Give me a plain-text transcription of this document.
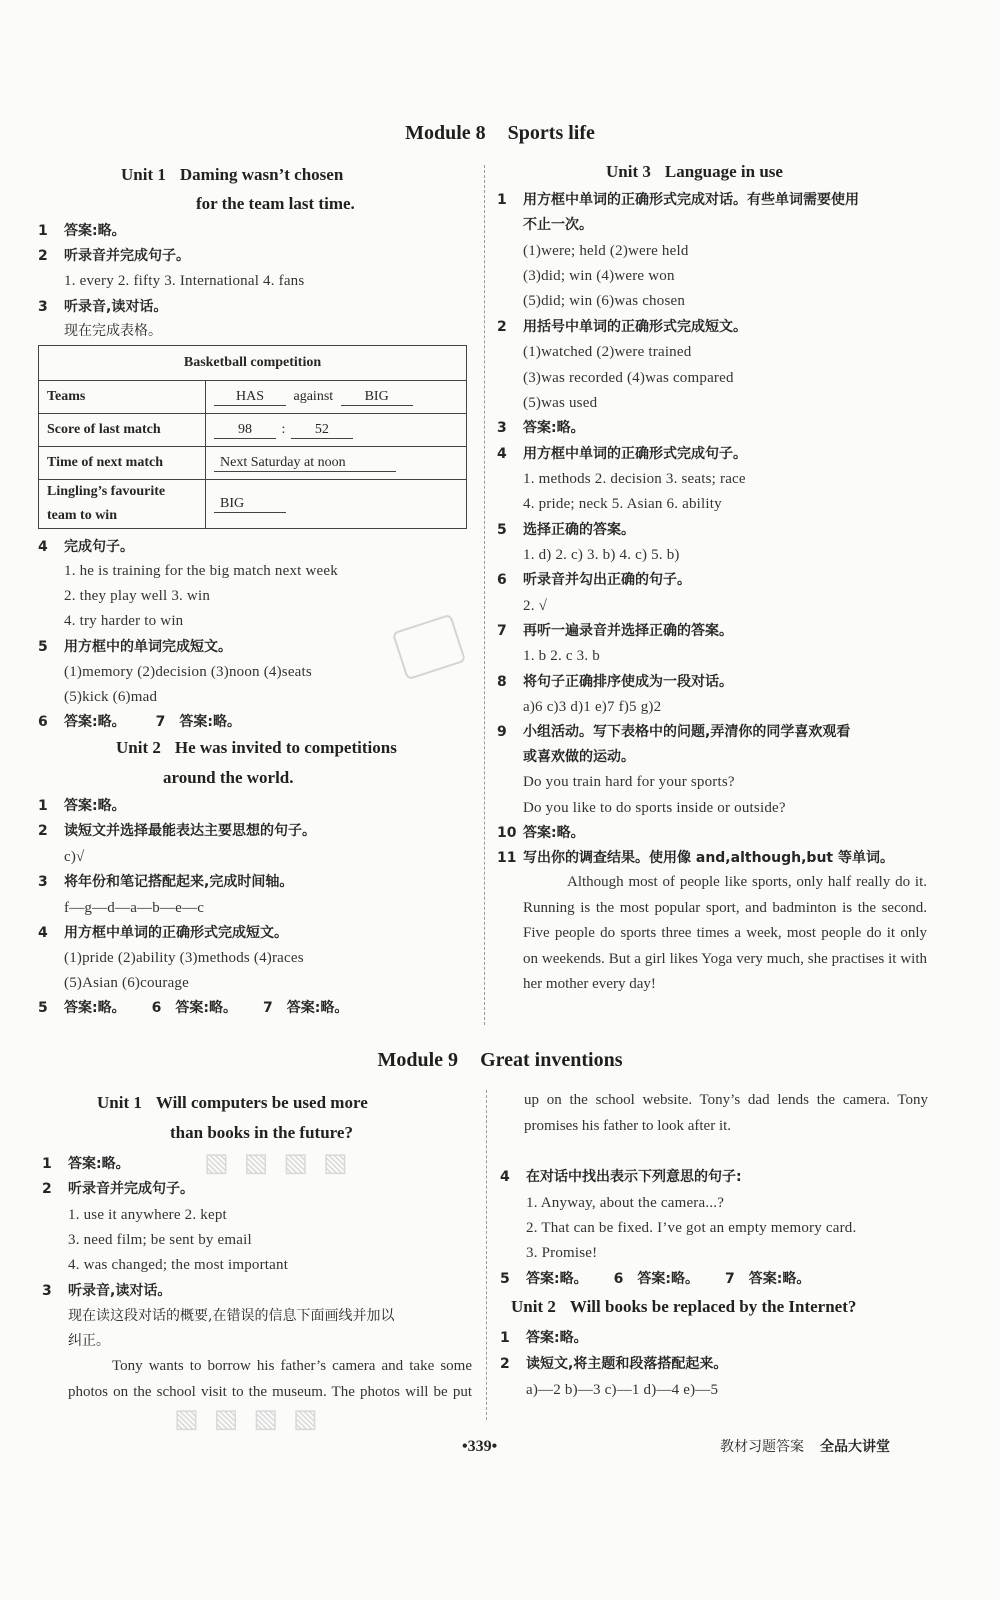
Module 8 Sports life
Unit 1 Daming wasn’t chosen
for the team last time.
1 答案:略。
2 听录音并完成句子。
1. every 2. fifty 3. International 4. fans
3 听录音,读对话。
现在完成表格。
Basketball competition	
Teams	HAS against BIG
Score of last match	98 : 52
Time of next match	Next Saturday at noon

Lingling’s favourite
team to win	BIG
4 完成句子。
1. he is training for the big match next week
2. they play well 3. win
4. try harder to win
5 用方框中的单词完成短文。
(1)memory (2)decision (3)noon (4)seats
(5)kick (6)mad
6 答案:略。 7 答案:略。
Unit 2 He was invited to competitions
around the world.
1 答案:略。
2 读短文并选择最能表达主要思想的句子。
c)√
3 将年份和笔记搭配起来,完成时间轴。
f—g—d—a—b—e—c
4 用方框中单词的正确形式完成短文。
(1)pride (2)ability (3)methods (4)races
(5)Asian (6)courage
5 答案:略。 6 答案:略。 7 答案:略。
Unit 3 Language in use
1 用方框中单词的正确形式完成对话。有些单词需要使用
不止一次。
(1)were; held (2)were held
(3)did; win (4)were won
(5)did; win (6)was chosen
2 用括号中单词的正确形式完成短文。
(1)watched (2)were trained
(3)was recorded (4)was compared
(5)was used
3 答案:略。
4 用方框中单词的正确形式完成句子。
1. methods 2. decision 3. seats; race
4. pride; neck 5. Asian 6. ability
5 选择正确的答案。
1. d) 2. c) 3. b) 4. c) 5. b)
6 听录音并勾出正确的句子。
2. √
7 再听一遍录音并选择正确的答案。
1. b 2. c 3. b
8 将句子正确排序使成为一段对话。
a)6 c)3 d)1 e)7 f)5 g)2
9 小组活动。写下表格中的问题,弄清你的同学喜欢观看
或喜欢做的运动。
Do you train hard for your sports?
Do you like to do sports inside or outside?
10 答案:略。
11 写出你的调查结果。使用像 and,although,but 等单词。
Although most of people like sports, only half really do it. Running is the most popular sport, and badminton is the second. Five people do sports three times a week, most people do it only on weekends. But a girl likes Yoga very much, she practises it with her mother every day!
Module 9 Great inventions
Unit 1 Will computers be used more
than books in the future?
1 答案:略。
2 听录音并完成句子。
1. use it anywhere 2. kept
3. need film; be sent by email
4. was changed; the most important
3 听录音,读对话。
现在读这段对话的概要,在错误的信息下面画线并加以
纠正。
Tony wants to borrow his father’s camera and take some photos on the school visit to the museum. The photos will be put
up on the school website. Tony’s dad lends the camera. Tony promises his father to look after it.
▧ ▧ ▧ ▧
▧ ▧ ▧ ▧
4 在对话中找出表示下列意思的句子:
1. Anyway, about the camera...?
2. That can be fixed. I’ve got an empty memory card.
3. Promise!
5 答案:略。 6 答案:略。 7 答案:略。
Unit 2 Will books be replaced by the Internet?
1 答案:略。
2 读短文,将主题和段落搭配起来。
a)—2 b)—3 c)—1 d)—4 e)—5
•339•	教材习题答案 全品大讲堂
